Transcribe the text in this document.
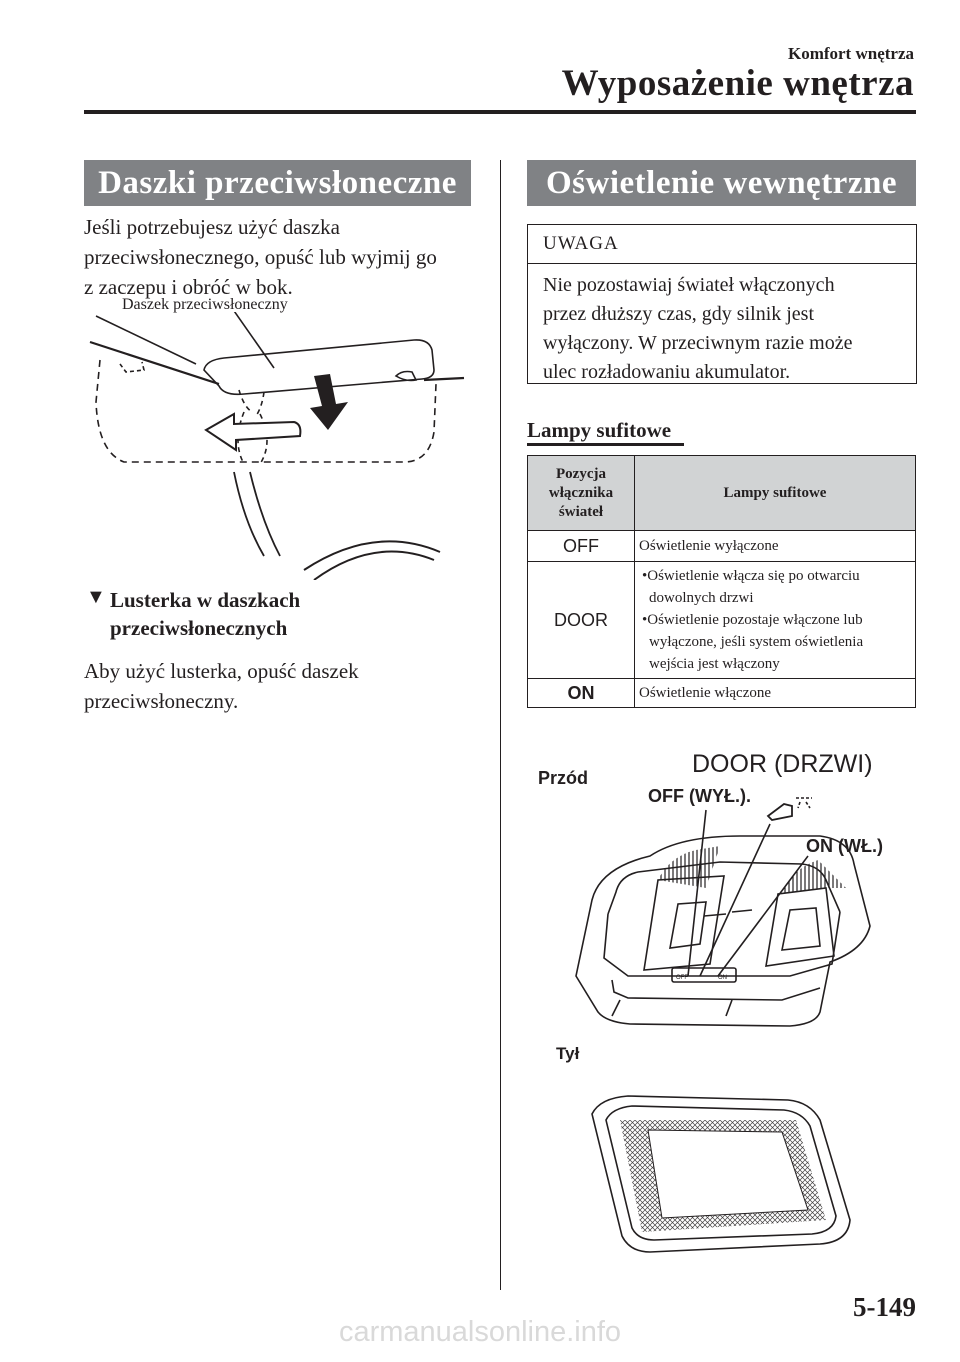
Komfort wnętrza
Wyposażenie wnętrza
Daszki przeciwsłoneczne
Jeśli potrzebujesz użyć daszka
przeciwsłonecznego, opuść lub wyjmij go
z zaczepu i obróć w bok.
Daszek przeciwsłoneczny
▼ Lusterka w daszkach
przeciwsłonecznych
Aby użyć lusterka, opuść daszek
przeciwsłoneczny.
Oświetlenie wewnętrzne
UWAGA
Nie pozostawiaj świateł włączonych
przez dłuższy czas, gdy silnik jest
wyłączony. W przeciwnym razie może
ulec rozładowaniu akumulator.
Lampy sufitowe
Pozycja
włącznika
świateł	Lampy sufitowe
OFF	Oświetlenie wyłączone
DOOR	•Oświetlenie włącza się po otwarciu dowolnych drzwi
•Oświetlenie pozostaje włączone lub wyłączone, jeśli system oświetlenia wejścia jest włączony

ON	Oświetlenie włączone
Przód	DOOR (DRZWI)
OFF (WYŁ.).
ON (WŁ.)
Tył
OFF	ON
5-149
carmanualsonline.info
